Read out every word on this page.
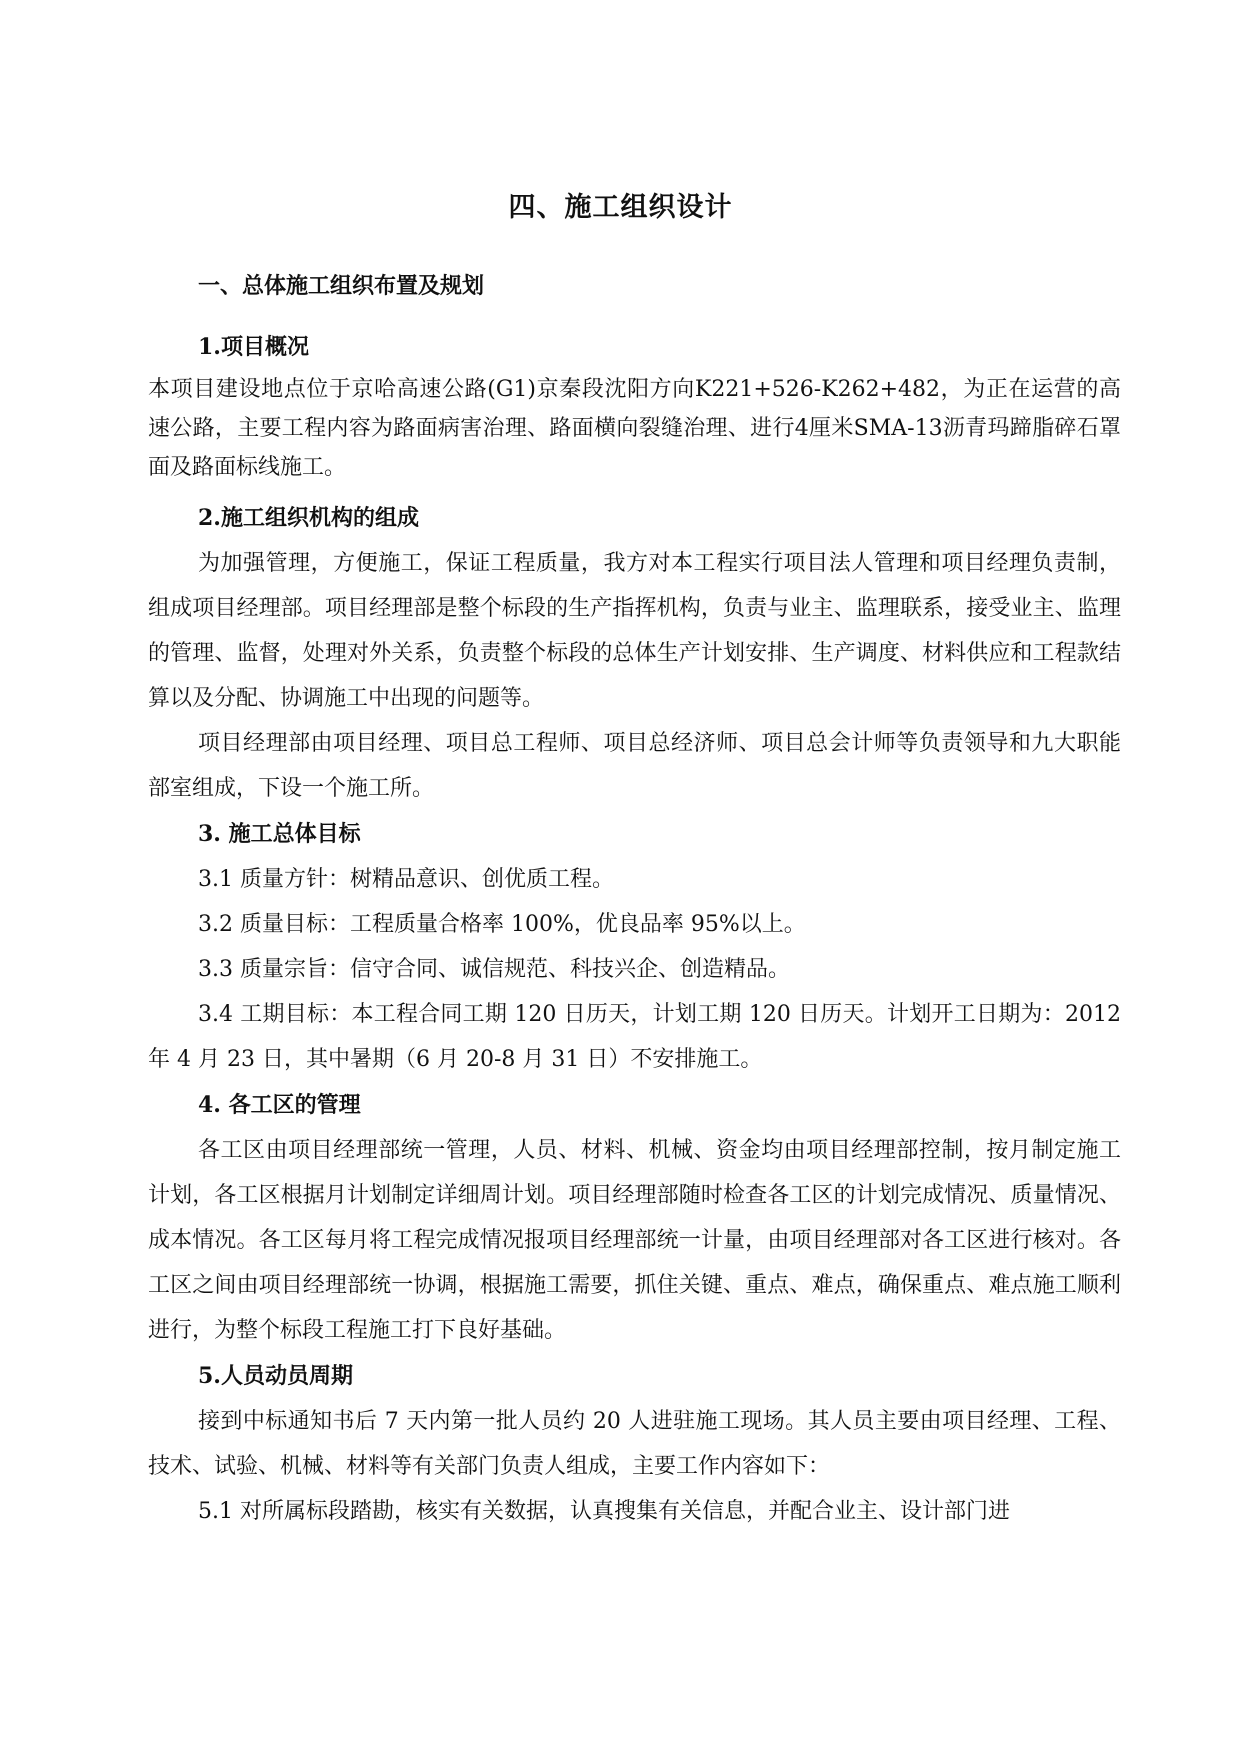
四、施工组织设计
一、总体施工组织布置及规划
1.项目概况

本项目建设地点位于京哈高速公路(G1)京秦段沈阳方向K221+526-K262+482，为正在运营的高速公路，主要工程内容为路面病害治理、路面横向裂缝治理、进行4厘米SMA-13沥青玛蹄脂碎石罩面及路面标线施工。

2.施工组织机构的组成

为加强管理，方便施工，保证工程质量，我方对本工程实行项目法人管理和项目经理负责制，组成项目经理部。项目经理部是整个标段的生产指挥机构，负责与业主、监理联系，接受业主、监理的管理、监督，处理对外关系，负责整个标段的总体生产计划安排、生产调度、材料供应和工程款结算以及分配、协调施工中出现的问题等。

项目经理部由项目经理、项目总工程师、项目总经济师、项目总会计师等负责领导和九大职能部室组成，下设一个施工所。

3. 施工总体目标

3.1 质量方针：树精品意识、创优质工程。

3.2 质量目标：工程质量合格率 100%，优良品率 95%以上。

3.3 质量宗旨：信守合同、诚信规范、科技兴企、创造精品。

3.4 工期目标：本工程合同工期 120 日历天，计划工期 120 日历天。计划开工日期为：2012 年 4 月 23 日，其中暑期（6 月 20-8 月 31 日）不安排施工。

4. 各工区的管理

各工区由项目经理部统一管理，人员、材料、机械、资金均由项目经理部控制，按月制定施工计划，各工区根据月计划制定详细周计划。项目经理部随时检查各工区的计划完成情况、质量情况、成本情况。各工区每月将工程完成情况报项目经理部统一计量，由项目经理部对各工区进行核对。各工区之间由项目经理部统一协调，根据施工需要，抓住关键、重点、难点，确保重点、难点施工顺利进行，为整个标段工程施工打下良好基础。

5.人员动员周期

接到中标通知书后 7 天内第一批人员约 20 人进驻施工现场。其人员主要由项目经理、工程、技术、试验、机械、材料等有关部门负责人组成，主要工作内容如下：

5.1 对所属标段踏勘，核实有关数据，认真搜集有关信息，并配合业主、设计部门进
